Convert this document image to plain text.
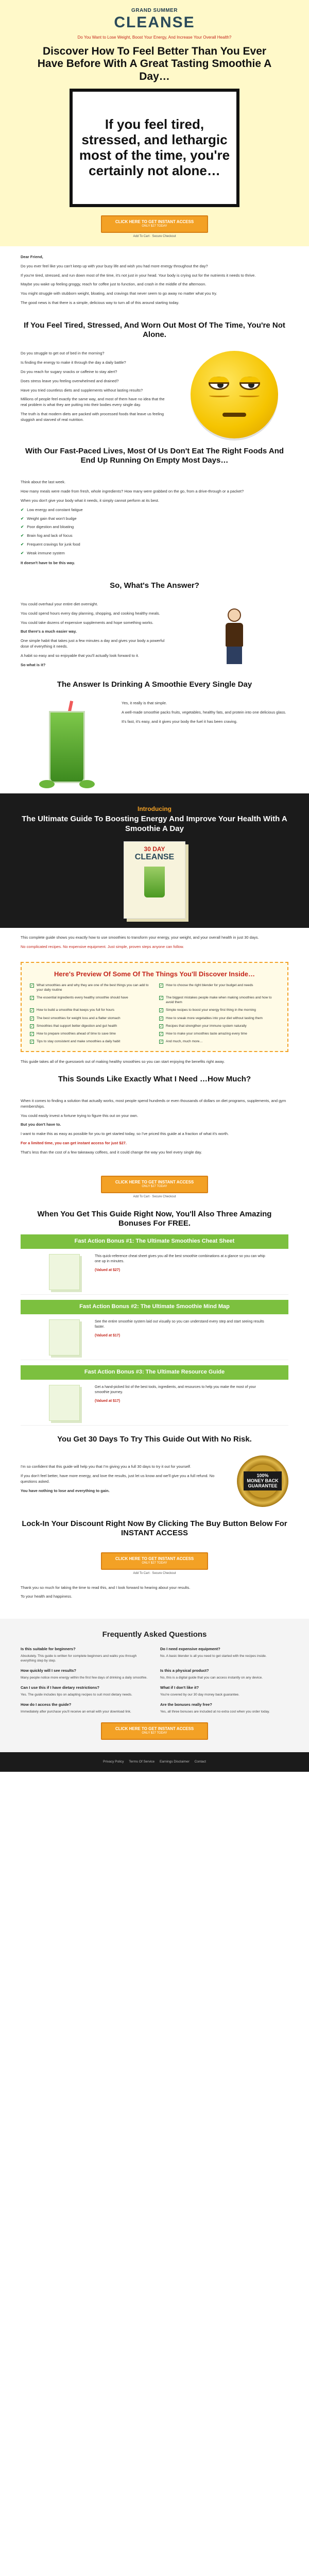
GRAND SUMMER
CLEANSE
Do You Want to Lose Weight, Boost Your Energy, And Increase Your Overall Health?
Discover How To Feel Better Than You Ever Have Before With A Great Tasting Smoothie A Day…
If you feel tired, stressed, and lethargic most of the time, you're certainly not alone…
CLICK HERE TO GET INSTANT ACCESS
ONLY $27 TODAY
Add To Cart · Secure Checkout

Dear Friend,

Do you ever feel like you can't keep up with your busy life and wish you had more energy throughout the day?

If you're tired, stressed, and run down most of the time, it's not just in your head. Your body is crying out for the nutrients it needs to thrive.

Maybe you wake up feeling groggy, reach for coffee just to function, and crash in the middle of the afternoon.

You might struggle with stubborn weight, bloating, and cravings that never seem to go away no matter what you try.

The good news is that there is a simple, delicious way to turn all of this around starting today.

If You Feel Tired, Stressed, And Worn Out Most Of The Time, You're Not Alone.

Do you struggle to get out of bed in the morning?

Is finding the energy to make it through the day a daily battle?

Do you reach for sugary snacks or caffeine to stay alert?

Does stress leave you feeling overwhelmed and drained?

Have you tried countless diets and supplements without lasting results?

Millions of people feel exactly the same way, and most of them have no idea that the real problem is what they are putting into their bodies every single day.

The truth is that modern diets are packed with processed foods that leave us feeling sluggish and starved of real nutrition.

With Our Fast-Paced Lives, Most Of Us Don't Eat The Right Foods And End Up Running On Empty Most Days…

Think about the last week.

How many meals were made from fresh, whole ingredients? How many were grabbed on the go, from a drive-through or a packet?

When you don't give your body what it needs, it simply cannot perform at its best.

✔ Low energy and constant fatigue
✔ Weight gain that won't budge
✔ Poor digestion and bloating
✔ Brain fog and lack of focus
✔ Frequent cravings for junk food
✔ Weak immune system

It doesn't have to be this way.

So, What's The Answer?

You could overhaul your entire diet overnight.

You could spend hours every day planning, shopping, and cooking healthy meals.

You could take dozens of expensive supplements and hope something works.

But there's a much easier way.

One simple habit that takes just a few minutes a day and gives your body a powerful dose of everything it needs.

A habit so easy and so enjoyable that you'll actually look forward to it.

So what is it?

The Answer Is Drinking A Smoothie Every Single Day

Yes, it really is that simple.

A well-made smoothie packs fruits, vegetables, healthy fats, and protein into one delicious glass.

It's fast, it's easy, and it gives your body the fuel it has been craving.

Introducing
The Ultimate Guide To Boosting Energy And Improve Your Health With A Smoothie A Day
30 DAY
CLEANSE

This complete guide shows you exactly how to use smoothies to transform your energy, your weight, and your overall health in just 30 days.

No complicated recipes. No expensive equipment. Just simple, proven steps anyone can follow.

Here's Preview Of Some Of The Things You'll Discover Inside…
✓ What smoothies are and why they are one of the best things you can add to your daily routine
✓ How to choose the right blender for your budget and needs
✓ The essential ingredients every healthy smoothie should have	✓ The biggest mistakes people make when making smoothies and how to avoid them
✓ How to build a smoothie that keeps you full for hours	✓ Simple recipes to boost your energy first thing in the morning
✓ The best smoothies for weight loss and a flatter stomach	✓ How to sneak more vegetables into your diet without tasting them
✓ Smoothies that support better digestion and gut health	✓ Recipes that strengthen your immune system naturally
✓ How to prepare smoothies ahead of time to save time	✓ How to make your smoothies taste amazing every time
✓ Tips to stay consistent and make smoothies a daily habit	✓ And much, much more…

This guide takes all of the guesswork out of making healthy smoothies so you can start enjoying the benefits right away.

This Sounds Like Exactly What I Need …How Much?

When it comes to finding a solution that actually works, most people spend hundreds or even thousands of dollars on diet programs, supplements, and gym memberships.

You could easily invest a fortune trying to figure this out on your own.

But you don't have to.

I want to make this as easy as possible for you to get started today, so I've priced this guide at a fraction of what it's worth.

For a limited time, you can get instant access for just $27.

That's less than the cost of a few takeaway coffees, and it could change the way you feel every single day.

CLICK HERE TO GET INSTANT ACCESS
ONLY $27 TODAY
Add To Cart · Secure Checkout
When You Get This Guide Right Now, You'll Also Three Amazing Bonuses For FREE.
Fast Action Bonus #1: The Ultimate Smoothies Cheat Sheet

This quick-reference cheat sheet gives you all the best smoothie combinations at a glance so you can whip one up in minutes.

(Valued at $27)

Fast Action Bonus #2: The Ultimate Smoothie Mind Map

See the entire smoothie system laid out visually so you can understand every step and start seeing results faster.

(Valued at $17)

Fast Action Bonus #3: The Ultimate Resource Guide

Get a hand-picked list of the best tools, ingredients, and resources to help you make the most of your smoothie journey.

(Valued at $17)

You Get 30 Days To Try This Guide Out With No Risk.

I'm so confident that this guide will help you that I'm giving you a full 30 days to try it out for yourself.

If you don't feel better, have more energy, and love the results, just let us know and we'll give you a full refund. No questions asked.

You have nothing to lose and everything to gain.

100%
MONEY BACK
GUARANTEE
Lock-In Your Discount Right Now By Clicking The Buy Button Below For INSTANT ACCESS
CLICK HERE TO GET INSTANT ACCESS
ONLY $27 TODAY
Add To Cart · Secure Checkout

Thank you so much for taking the time to read this, and I look forward to hearing about your results.

To your health and happiness.

Frequently Asked Questions
Is this suitable for beginners?
Absolutely. This guide is written for complete beginners and walks you through everything step by step.
Do I need expensive equipment?
No. A basic blender is all you need to get started with the recipes inside.
How quickly will I see results?
Many people notice more energy within the first few days of drinking a daily smoothie.
Is this a physical product?
No, this is a digital guide that you can access instantly on any device.
Can I use this if I have dietary restrictions?
Yes. The guide includes tips on adapting recipes to suit most dietary needs.
What if I don't like it?
You're covered by our 30 day money back guarantee.
How do I access the guide?
Immediately after purchase you'll receive an email with your download link.
Are the bonuses really free?
Yes, all three bonuses are included at no extra cost when you order today.
CLICK HERE TO GET INSTANT ACCESS
ONLY $27 TODAY
Privacy Policy Terms Of Service Earnings Disclaimer Contact
